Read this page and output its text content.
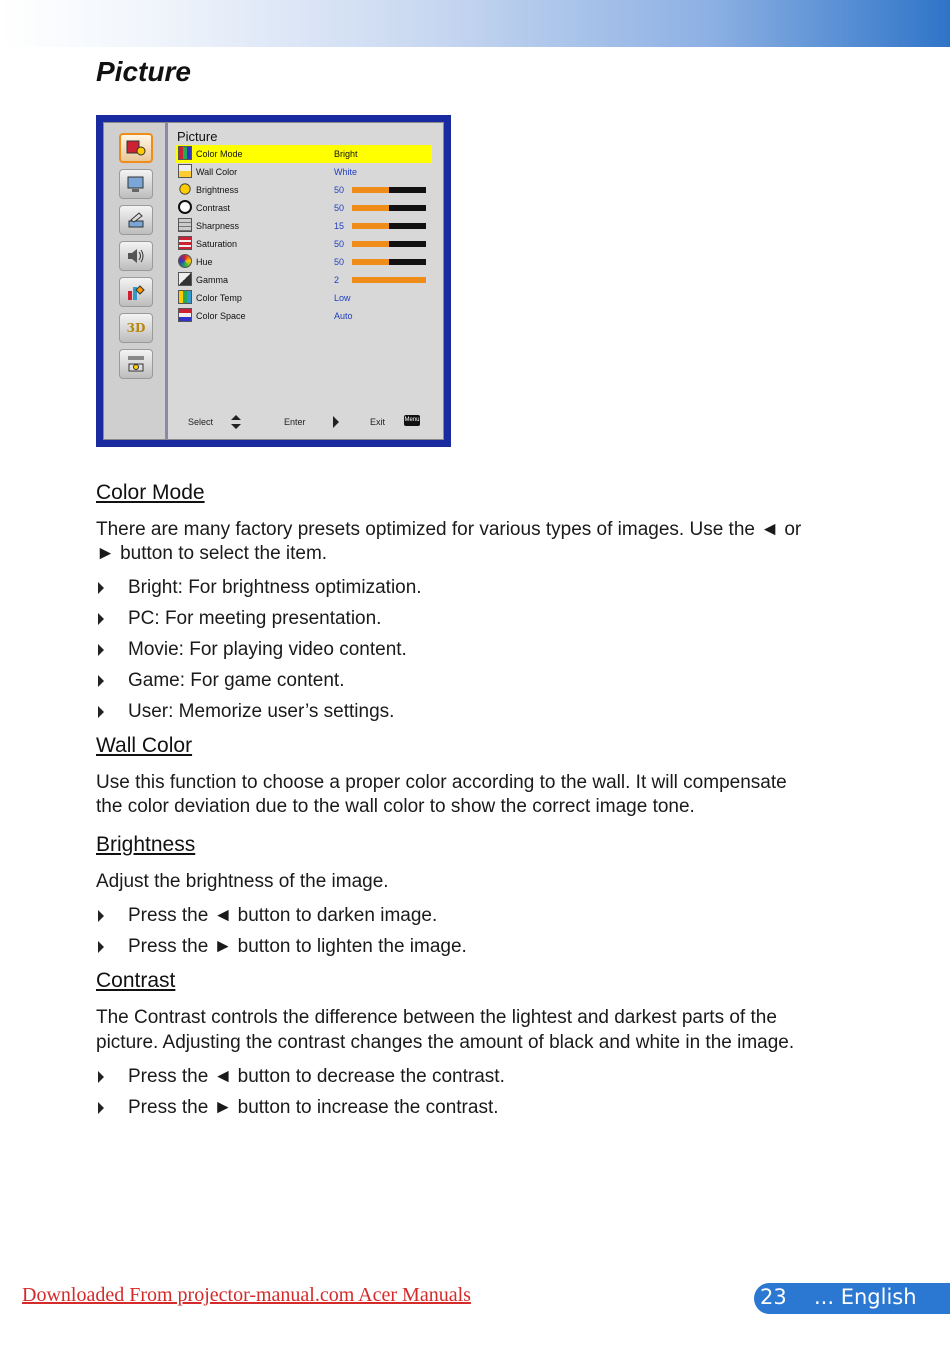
Picture
3D
Picture
Color Mode	Bright
Wall Color	White
Brightness	50
Contrast	50
Sharpness	15
Saturation	50
Hue	50
Gamma	2
Color Temp	Low
Color Space	Auto
Select	Enter	Exit	Menu
Color Mode

There are many factory presets optimized for various types of images. Use the ◄ or

► button to select the item.

Bright: For brightness optimization.
PC: For meeting presentation.
Movie: For playing video content.
Game: For game content.
User: Memorize user’s settings.
Wall Color

Use this function to choose a proper color according to the wall. It will compensate

the color deviation due to the wall color to show the correct image tone.

Brightness

Adjust the brightness of the image.

Press the ◄ button to darken image.
Press the ► button to lighten the image.
Contrast

The Contrast controls the difference between the lightest and darkest parts of the

picture. Adjusting the contrast changes the amount of black and white in the image.

Press the ◄ button to decrease the contrast.
Press the ► button to increase the contrast.
Downloaded From projector-manual.com Acer Manuals	23 ... English
